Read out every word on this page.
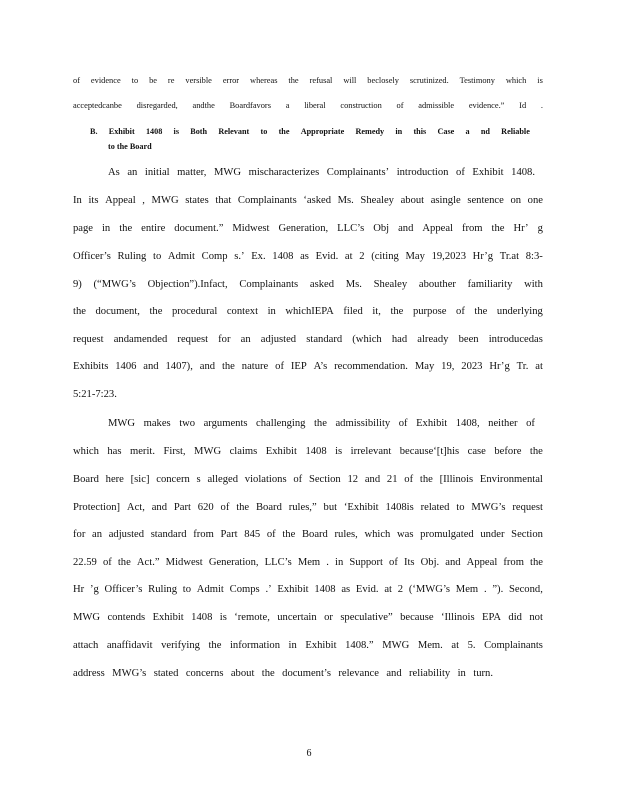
of evidence to be re versible error whereas the refusal will beclosely scrutinized. Testimony which is
acceptedcanbe disregarded, andthe Boardfavors a liberal construction of admissible evidence.” Id .
B. Exhibit 1408 is Both Relevant to the Appropriate Remedy in this Case a nd Reliable
to the Board
As an initial matter, MWG mischaracterizes Complainants’ introduction of Exhibit 1408.
In its Appeal , MWG states that Complainants ‘asked Ms. Shealey about asingle sentence on one
page in the entire document.” Midwest Generation, LLC’s Obj and Appeal from the Hr’ g
Officer’s Ruling to Admit Comp s.’ Ex. 1408 as Evid. at 2 (citing May 19,2023 Hr’g Tr.at 8:3-
9) (“MWG’s Objection”).Infact, Complainants asked Ms. Shealey abouther familiarity with
the document, the procedural context in whichIEPA filed it, the purpose of the underlying
request andamended request for an adjusted standard (which had already been introducedas
Exhibits 1406 and 1407), and the nature of IEP A’s recommendation. May 19, 2023 Hr’g Tr. at
5:21-7:23.
MWG makes two arguments challenging the admissibility of Exhibit 1408, neither of
which has merit. First, MWG claims Exhibit 1408 is irrelevant because‘[t]his case before the
Board here [sic] concern s alleged violations of Section 12 and 21 of the [Illinois Environmental
Protection] Act, and Part 620 of the Board rules,” but ‘Exhibit 1408is related to MWG’s request
for an adjusted standard from Part 845 of the Board rules, which was promulgated under Section
22.59 of the Act.” Midwest Generation, LLC’s Mem . in Support of Its Obj. and Appeal from the
Hr ’g Officer’s Ruling to Admit Comps .’ Exhibit 1408 as Evid. at 2 (‘MWG’s Mem . ”). Second,
MWG contends Exhibit 1408 is ‘remote, uncertain or speculative” because ‘Illinois EPA did not
attach anaffidavit verifying the information in Exhibit 1408.” MWG Mem. at 5. Complainants
address MWG’s stated concerns about the document’s relevance and reliability in turn.
6
